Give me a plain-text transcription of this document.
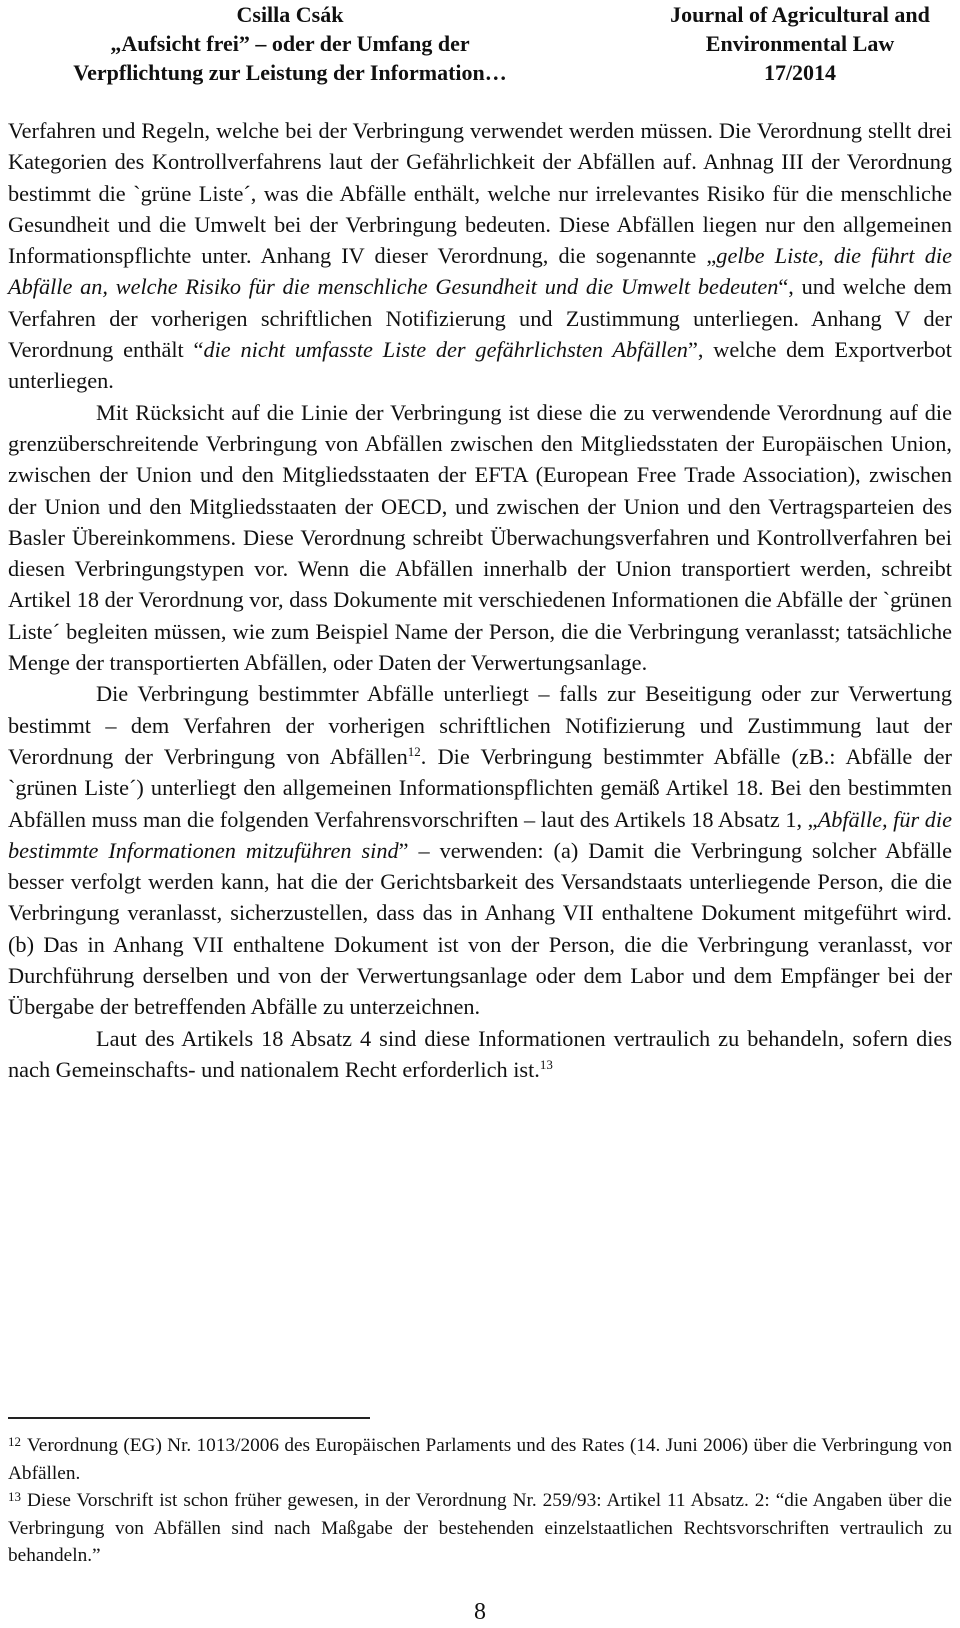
Csilla Csák
„Aufsicht frei” – oder der Umfang der
Verpflichtung zur Leistung der Information…
Journal of Agricultural and
Environmental Law
17/2014

Verfahren und Regeln, welche bei der Verbringung verwendet werden müssen. Die Verordnung stellt drei Kategorien des Kontrollverfahrens laut der Gefährlichkeit der Abfällen auf. Anhnag III der Verordnung bestimmt die `grüne Liste´, was die Abfälle enthält, welche nur irrelevantes Risiko für die menschliche Gesundheit und die Umwelt bei der Verbringung bedeuten. Diese Abfällen liegen nur den allgemeinen Informationspflichte unter. Anhang IV dieser Verordnung, die sogenannte „gelbe Liste, die führt die Abfälle an, welche Risiko für die menschliche Gesundheit und die Umwelt bedeuten“, und welche dem Verfahren der vorherigen schriftlichen Notifizierung und Zustimmung unterliegen. Anhang V der Verordnung enthält “die nicht umfasste Liste der gefährlichsten Abfällen”, welche dem Exportverbot unterliegen.

Mit Rücksicht auf die Linie der Verbringung ist diese die zu verwendende Verordnung auf die grenzüberschreitende Verbringung von Abfällen zwischen den Mitgliedsstaten der Europäischen Union, zwischen der Union und den Mitgliedsstaaten der EFTA (European Free Trade Association), zwischen der Union und den Mitgliedsstaaten der OECD, und zwischen der Union und den Vertragsparteien des Basler Übereinkommens. Diese Verordnung schreibt Überwachungsverfahren und Kontrollverfahren bei diesen Verbringungstypen vor. Wenn die Abfällen innerhalb der Union transportiert werden, schreibt Artikel 18 der Verordnung vor, dass Dokumente mit verschiedenen Informationen die Abfälle der `grünen Liste´ begleiten müssen, wie zum Beispiel Name der Person, die die Verbringung veranlasst; tatsächliche Menge der transportierten Abfällen, oder Daten der Verwertungsanlage.

Die Verbringung bestimmter Abfälle unterliegt – falls zur Beseitigung oder zur Verwertung bestimmt – dem Verfahren der vorherigen schriftlichen Notifizierung und Zustimmung laut der Verordnung der Verbringung von Abfällen$^{12}$. Die Verbringung bestimmter Abfälle (zB.: Abfälle der `grünen Liste´) unterliegt den allgemeinen Informationspflichten gemäß Artikel 18. Bei den bestimmten Abfällen muss man die folgenden Verfahrensvorschriften – laut des Artikels 18 Absatz 1, „Abfälle, für die bestimmte Informationen mitzuführen sind” – verwenden: (a) Damit die Verbringung solcher Abfälle besser verfolgt werden kann, hat die der Gerichtsbarkeit des Versandstaats unterliegende Person, die die Verbringung veranlasst, sicherzustellen, dass das in Anhang VII enthaltene Dokument mitgeführt wird. (b) Das in Anhang VII enthaltene Dokument ist von der Person, die die Verbringung veranlasst, vor Durchführung derselben und von der Verwertungsanlage oder dem Labor und dem Empfänger bei der Übergabe der betreffenden Abfälle zu unterzeichnen.

Laut des Artikels 18 Absatz 4 sind diese Informationen vertraulich zu behandeln, sofern dies nach Gemeinschafts- und nationalem Recht erforderlich ist.$^{13}$

$^{12}$ Verordnung (EG) Nr. 1013/2006 des Europäischen Parlaments und des Rates (14. Juni 2006) über die Verbringung von Abfällen.

$^{13}$ Diese Vorschrift ist schon früher gewesen, in der Verordnung Nr. 259/93: Artikel 11 Absatz. 2: “die Angaben über die Verbringung von Abfällen sind nach Maßgabe der bestehenden einzelstaatlichen Rechtsvorschriften vertraulich zu behandeln.”

8
